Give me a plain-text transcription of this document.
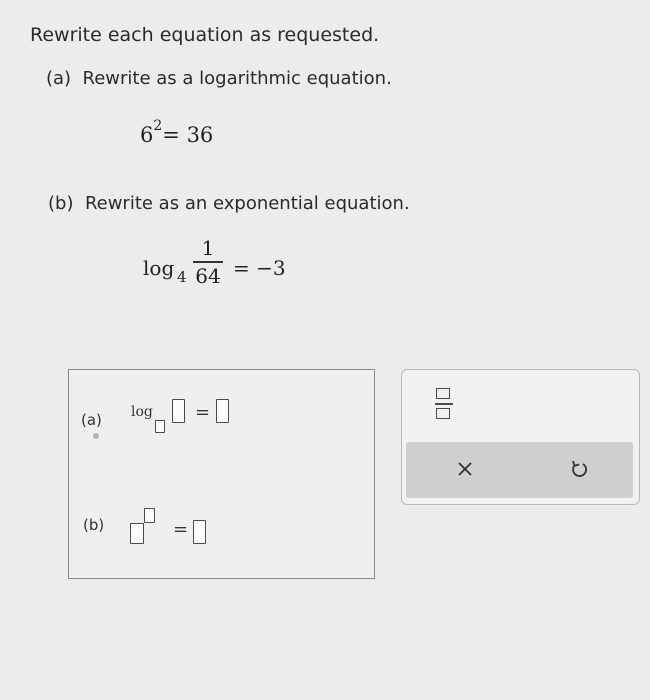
Rewrite each equation as requested.
(a) Rewrite as a logarithmic equation.
$6^2= 36$
(b) Rewrite as an exponential equation.
log 4
1
64 = −3
(a) log =
(b)	=
